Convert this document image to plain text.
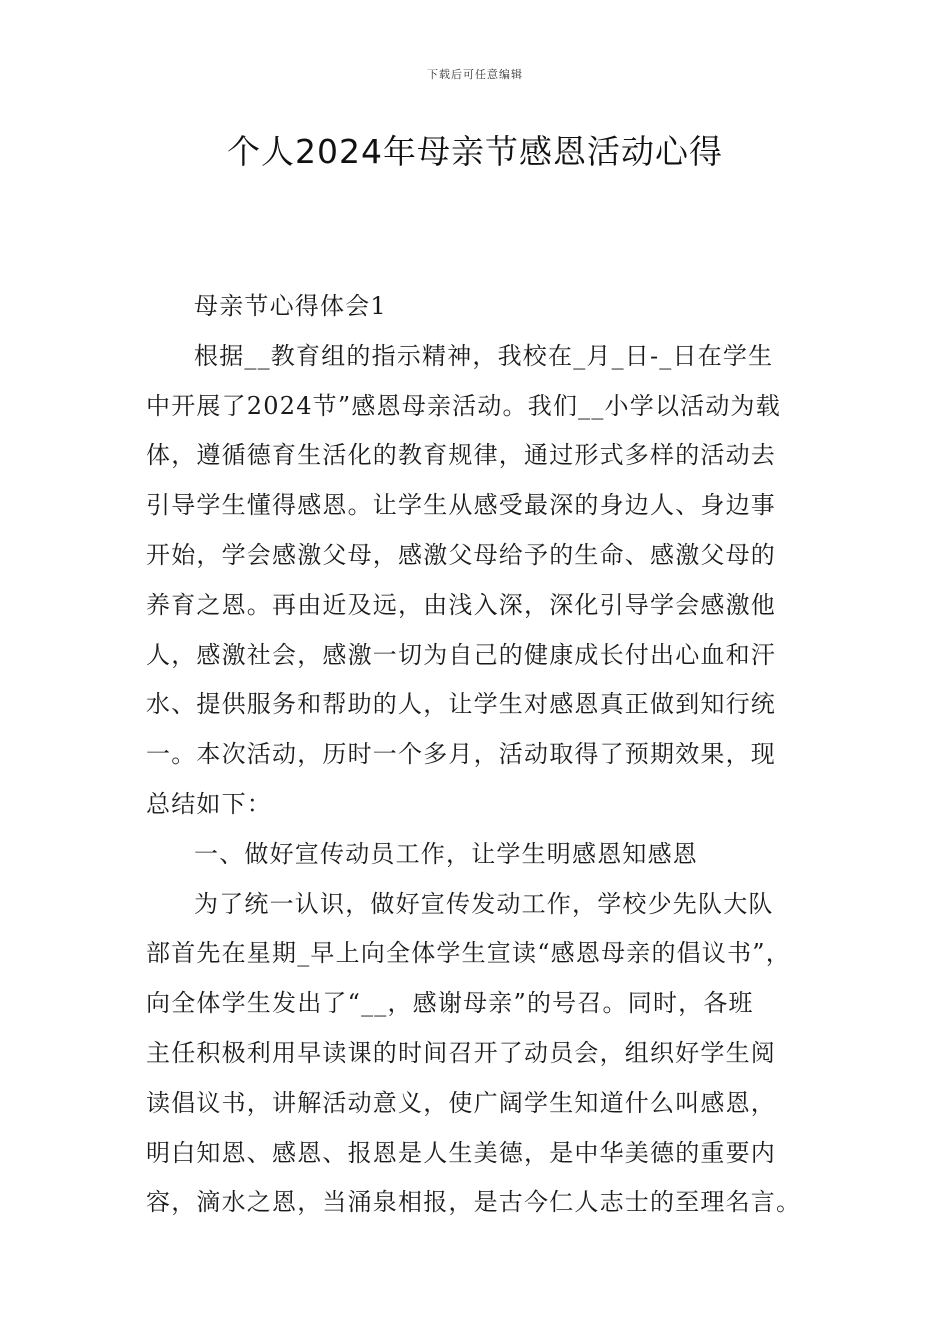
下载后可任意编辑
个人2024年母亲节感恩活动心得

母亲节心得体会1

根据__教育组的指示精神，我校在_月_日-_日在学生

中开展了2024节”感恩母亲活动。我们__小学以活动为载

体，遵循德育生活化的教育规律，通过形式多样的活动去

引导学生懂得感恩。让学生从感受最深的身边人、身边事

开始，学会感激父母，感激父母给予的生命、感激父母的

养育之恩。再由近及远，由浅入深，深化引导学会感激他

人，感激社会，感激一切为自己的健康成长付出心血和汗

水、提供服务和帮助的人，让学生对感恩真正做到知行统

一。本次活动，历时一个多月，活动取得了预期效果，现

总结如下：

一、做好宣传动员工作，让学生明感恩知感恩

为了统一认识，做好宣传发动工作，学校少先队大队

部首先在星期_早上向全体学生宣读“感恩母亲的倡议书”，

向全体学生发出了“__，感谢母亲”的号召。同时，各班

主任积极利用早读课的时间召开了动员会，组织好学生阅

读倡议书，讲解活动意义，使广阔学生知道什么叫感恩，

明白知恩、感恩、报恩是人生美德，是中华美德的重要内

容，滴水之恩，当涌泉相报，是古今仁人志士的至理名言。
